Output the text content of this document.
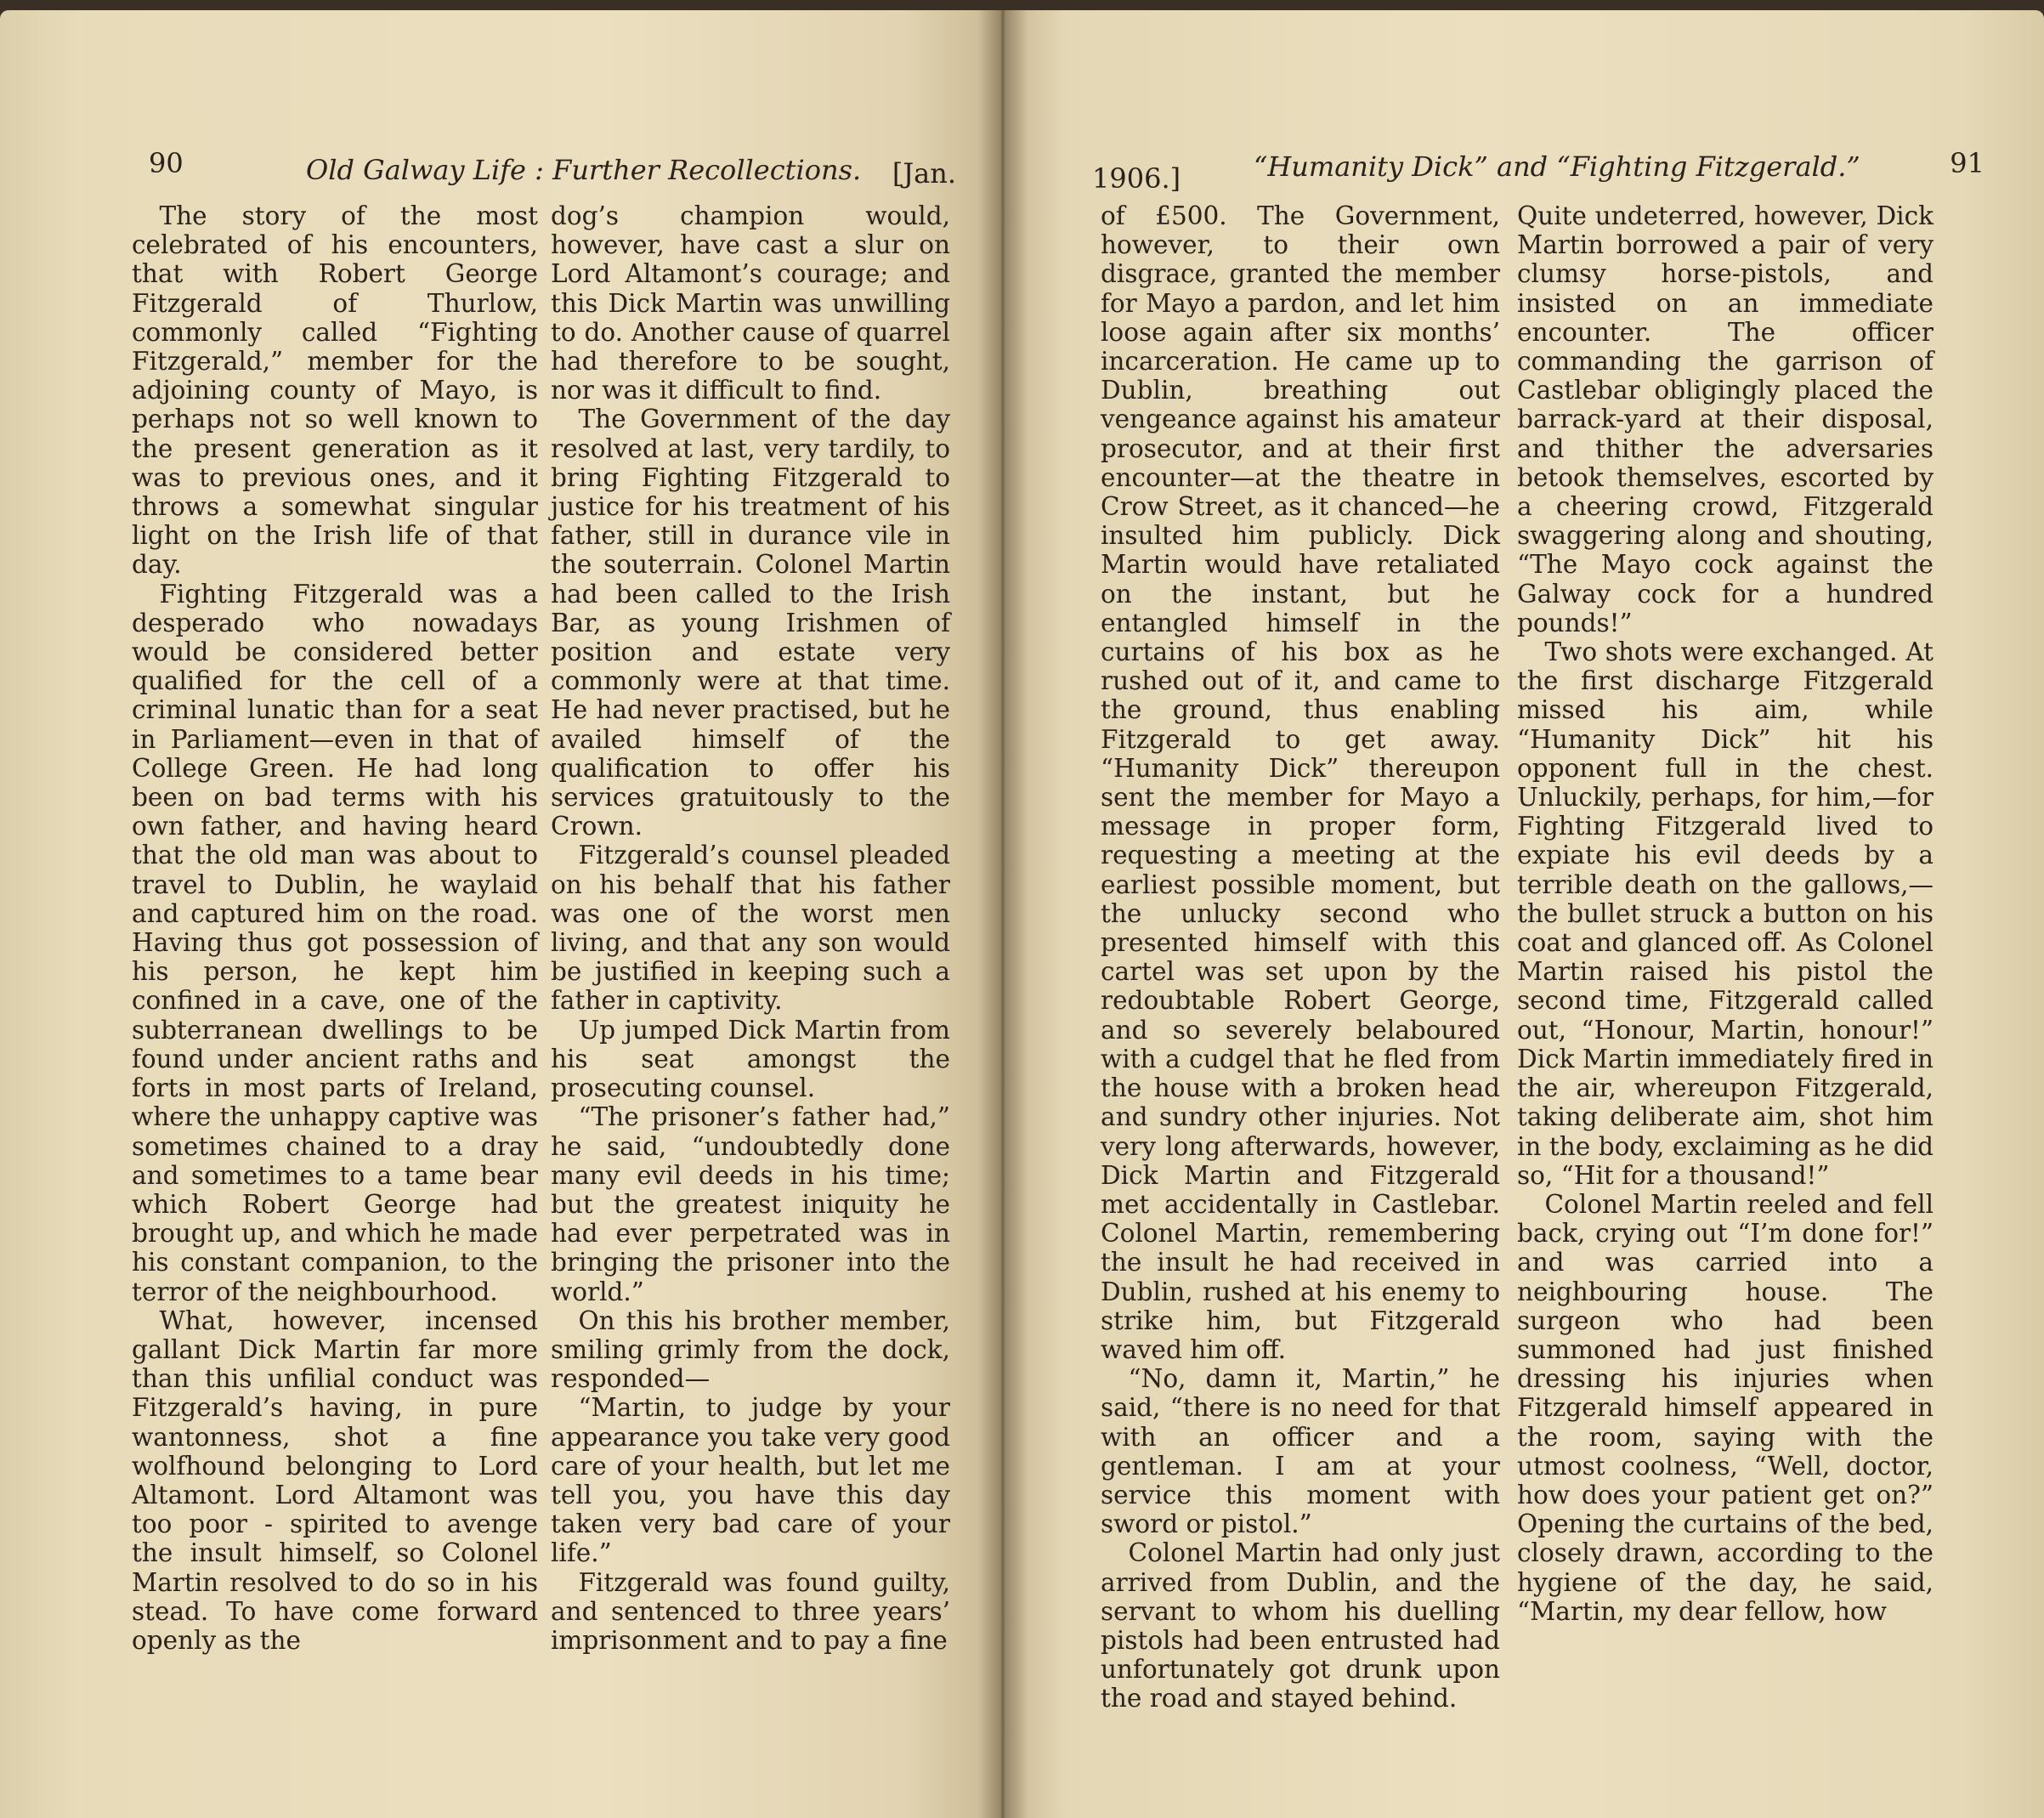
90	Old Galway Life : Further Recollections. [Jan.

The story of the most celebrated of his encounters, that with Robert George Fitzgerald of Thurlow, commonly called “Fighting Fitzgerald,” member for the adjoining county of Mayo, is perhaps not so well known to the present generation as it was to previous ones, and it throws a somewhat singular light on the Irish life of that day.

Fighting Fitzgerald was a desperado who nowadays would be considered better qualified for the cell of a criminal lunatic than for a seat in Parliament—even in that of College Green. He had long been on bad terms with his own father, and having heard that the old man was about to travel to Dublin, he waylaid and captured him on the road. Having thus got possession of his person, he kept him confined in a cave, one of the subterranean dwellings to be found under ancient raths and forts in most parts of Ireland, where the unhappy captive was sometimes chained to a dray and sometimes to a tame bear which Robert George had brought up, and which he made his constant companion, to the terror of the neighbourhood.

What, however, incensed gallant Dick Martin far more than this unfilial conduct was Fitzgerald’s having, in pure wantonness, shot a fine wolfhound belonging to Lord Altamont. Lord Altamont was too poor - spirited to avenge the insult himself, so Colonel Martin resolved to do so in his stead. To have come forward openly as the

dog’s champion would, however, have cast a slur on Lord Altamont’s courage; and this Dick Martin was unwilling to do. Another cause of quarrel had therefore to be sought, nor was it difficult to find.

The Government of the day resolved at last, very tardily, to bring Fighting Fitzgerald to justice for his treatment of his father, still in durance vile in the souterrain. Colonel Martin had been called to the Irish Bar, as young Irishmen of position and estate very commonly were at that time. He had never practised, but he availed himself of the qualification to offer his services gratuitously to the Crown.

Fitzgerald’s counsel pleaded on his behalf that his father was one of the worst men living, and that any son would be justified in keeping such a father in captivity.

Up jumped Dick Martin from his seat amongst the prosecuting counsel.

“The prisoner’s father had,” he said, “undoubtedly done many evil deeds in his time; but the greatest iniquity he had ever perpetrated was in bringing the prisoner into the world.”

On this his brother member, smiling grimly from the dock, responded—

“Martin, to judge by your appearance you take very good care of your health, but let me tell you, you have this day taken very bad care of your life.”

Fitzgerald was found guilty, and sentenced to three years’ imprisonment and to pay a fine

1906.]	“Humanity Dick” and “Fighting Fitzgerald.”	91

of £500. The Government, however, to their own disgrace, granted the member for Mayo a pardon, and let him loose again after six months’ incarceration. He came up to Dublin, breathing out vengeance against his amateur prosecutor, and at their first encounter—at the theatre in Crow Street, as it chanced—he insulted him publicly. Dick Martin would have retaliated on the instant, but he entangled himself in the curtains of his box as he rushed out of it, and came to the ground, thus enabling Fitzgerald to get away. “Humanity Dick” thereupon sent the member for Mayo a message in proper form, requesting a meeting at the earliest possible moment, but the unlucky second who presented himself with this cartel was set upon by the redoubtable Robert George, and so severely belaboured with a cudgel that he fled from the house with a broken head and sundry other injuries. Not very long afterwards, however, Dick Martin and Fitzgerald met accidentally in Castlebar. Colonel Martin, remembering the insult he had received in Dublin, rushed at his enemy to strike him, but Fitzgerald waved him off.

“No, damn it, Martin,” he said, “there is no need for that with an officer and a gentleman. I am at your service this moment with sword or pistol.”

Colonel Martin had only just arrived from Dublin, and the servant to whom his duelling pistols had been entrusted had unfortunately got drunk upon the road and stayed behind.

Quite undeterred, however, Dick Martin borrowed a pair of very clumsy horse-pistols, and insisted on an immediate encounter. The officer commanding the garrison of Castlebar obligingly placed the barrack-yard at their disposal, and thither the adversaries betook themselves, escorted by a cheering crowd, Fitzgerald swaggering along and shouting, “The Mayo cock against the Galway cock for a hundred pounds!”

Two shots were exchanged. At the first discharge Fitzgerald missed his aim, while “Humanity Dick” hit his opponent full in the chest. Unluckily, perhaps, for him,—for Fighting Fitzgerald lived to expiate his evil deeds by a terrible death on the gallows,—the bullet struck a button on his coat and glanced off. As Colonel Martin raised his pistol the second time, Fitzgerald called out, “Honour, Martin, honour!” Dick Martin immediately fired in the air, whereupon Fitzgerald, taking deliberate aim, shot him in the body, exclaiming as he did so, “Hit for a thousand!”

Colonel Martin reeled and fell back, crying out “I’m done for!” and was carried into a neighbouring house. The surgeon who had been summoned had just finished dressing his injuries when Fitzgerald himself appeared in the room, saying with the utmost coolness, “Well, doctor, how does your patient get on?” Opening the curtains of the bed, closely drawn, according to the hygiene of the day, he said, “Martin, my dear fellow, how
